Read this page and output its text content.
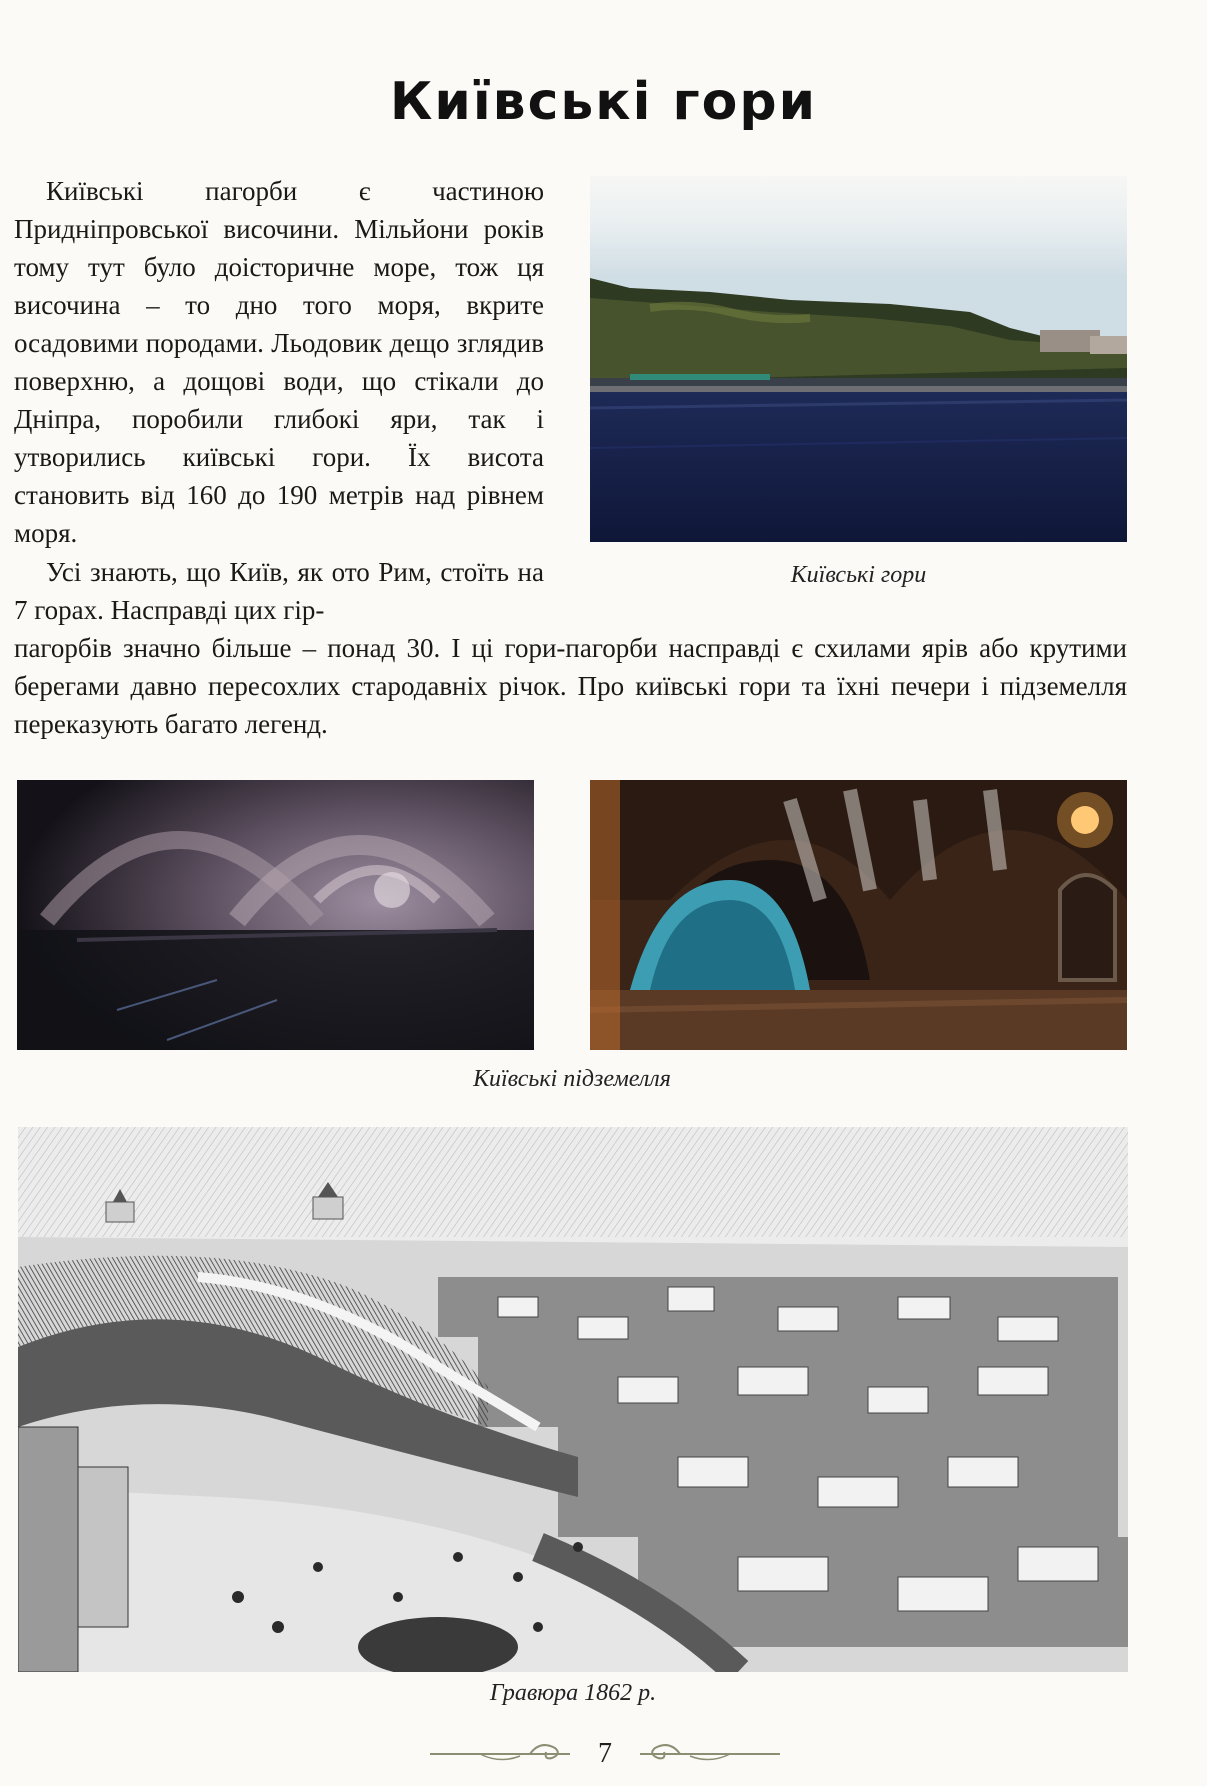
Київські гори
Київські пагорби є частиною Придніпровської височини. Мільйони років тому тут було доісторичне море, тож ця височина – то дно того моря, вкрите осадовими породами. Льодовик дещо зглядив поверхню, а дощові води, що стікали до Дніпра, поробили глибокі яри, так і утворились київські гори. Їх висота становить від 160 до 190 метрів над рівнем моря.
Київські гори
Усі знають, що Київ, як ото Рим, стоїть на 7 горах. Насправді цих гір-
пагорбів значно більше – понад 30. І ці гори-пагорби насправді є схилами ярів або крутими берегами давно пересохлих стародавніх річок. Про київські гори та їхні печери і підземелля переказують багато легенд.
Київські підземелля
Гравюра 1862 р.
7
